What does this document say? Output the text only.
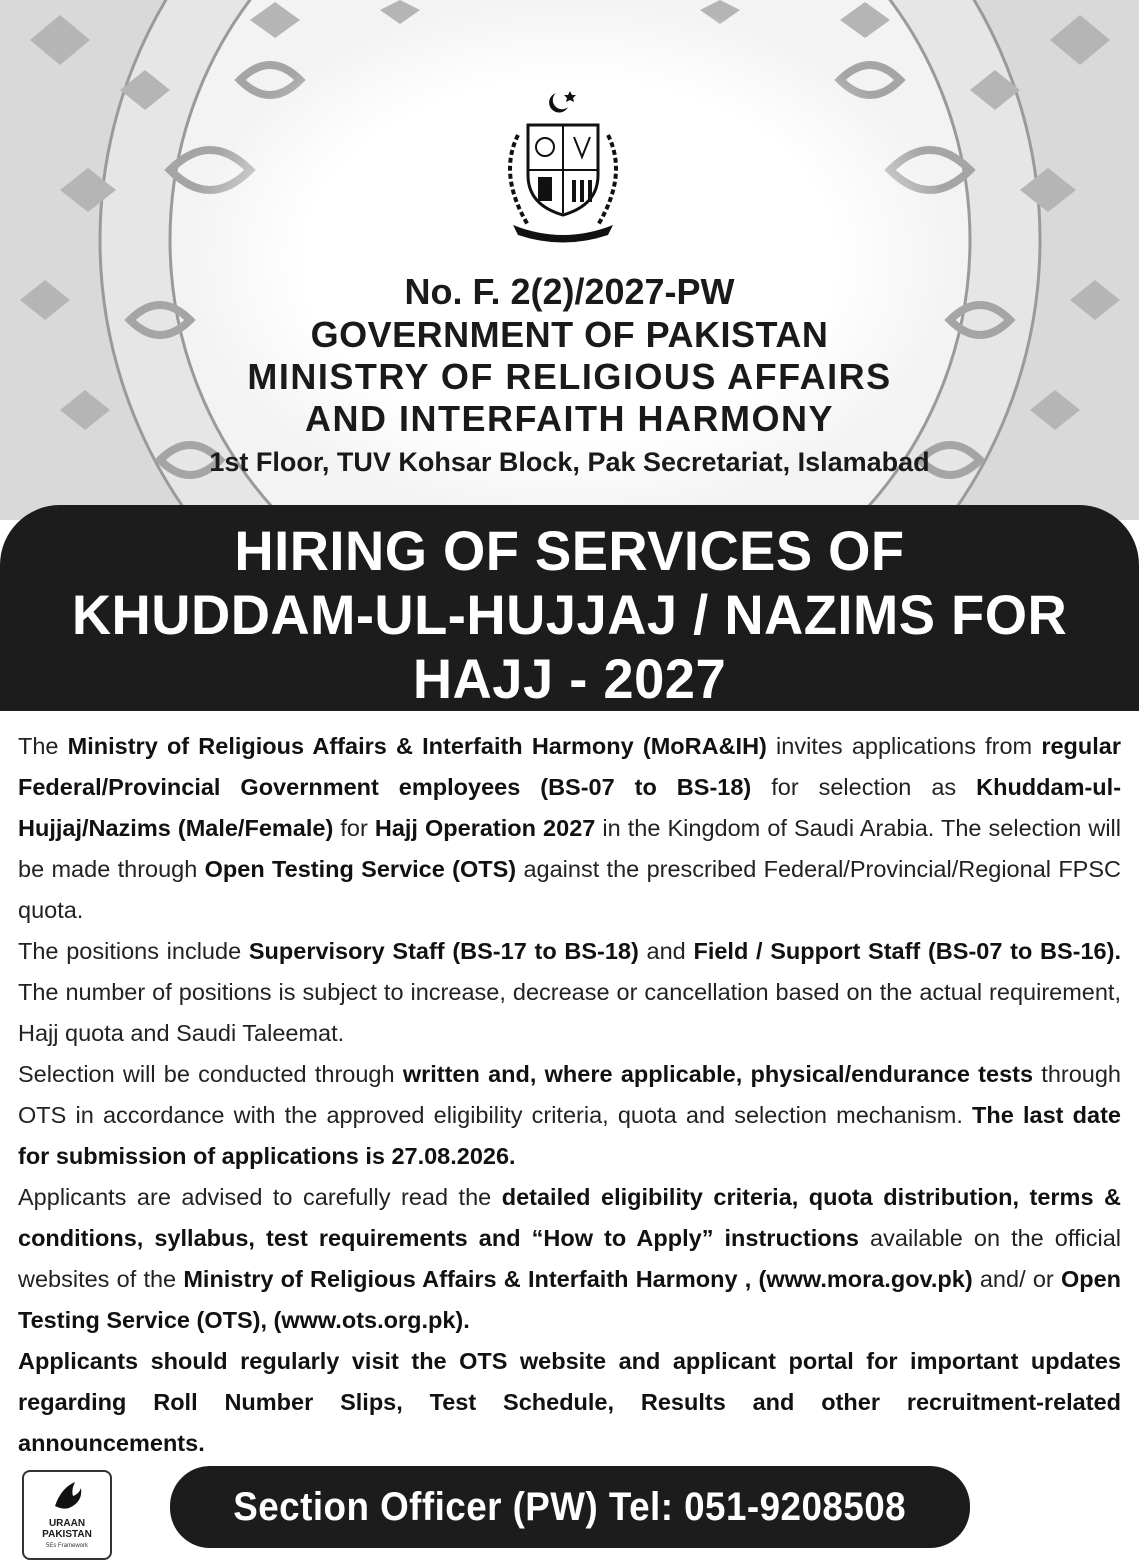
No. F. 2(2)/2027-PW

GOVERNMENT OF PAKISTAN

MINISTRY OF RELIGIOUS AFFAIRS

AND INTERFAITH HARMONY

1st Floor, TUV Kohsar Block, Pak Secretariat, Islamabad

HIRING OF SERVICES OF

KHUDDAM-UL-HUJJAJ / NAZIMS FOR

HAJJ - 2027

The Ministry of Religious Affairs & Interfaith Harmony (MoRA&IH) invites applications from regular Federal/Provincial Government employees (BS-07 to BS-18) for selection as Khuddam-ul-Hujjaj/Nazims (Male/Female) for Hajj Operation 2027 in the Kingdom of Saudi Arabia. The selection will be made through Open Testing Service (OTS) against the prescribed Federal/Provincial/Regional FPSC quota.

The positions include Supervisory Staff (BS-17 to BS-18) and Field / Support Staff (BS-07 to BS-16). The number of positions is subject to increase, decrease or cancellation based on the actual requirement, Hajj quota and Saudi Taleemat.

Selection will be conducted through written and, where applicable, physical/endurance tests through OTS in accordance with the approved eligibility criteria, quota and selection mechanism. The last date for submission of applications is 27.08.2026.

Applicants are advised to carefully read the detailed eligibility criteria, quota distribution, terms & conditions, syllabus, test requirements and “How to Apply” instructions available on the official websites of the Ministry of Religious Affairs & Interfaith Harmony , (www.mora.gov.pk) and/ or Open Testing Service (OTS), (www.ots.org.pk).

Applicants should regularly visit the OTS website and applicant portal for important updates regarding Roll Number Slips, Test Schedule, Results and other recruitment-related announcements.

URAAN
PAKISTAN
5Es Framework
Section Officer (PW) Tel: 051-9208508
